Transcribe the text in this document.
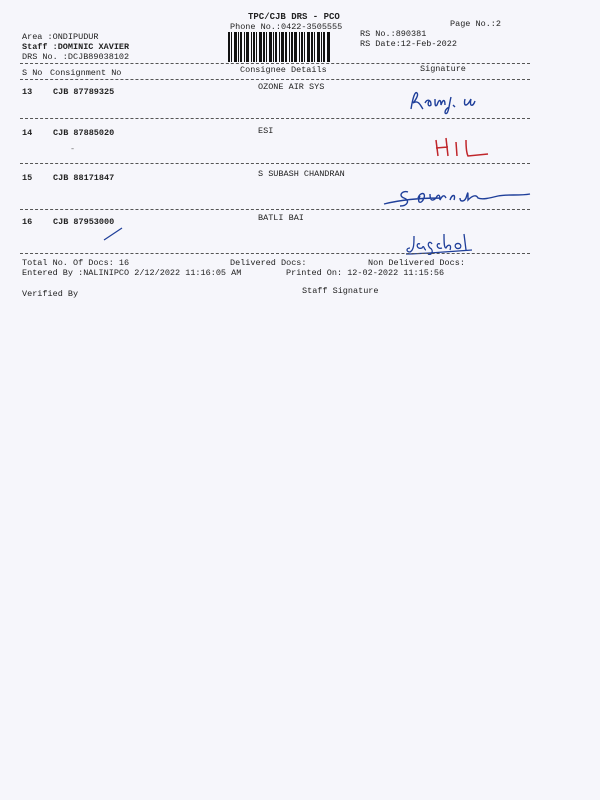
TPC/CJB DRS - PCO
Phone No.:0422-3505555	Page No.:2
RS No.:890381
RS Date:12-Feb-2022
Area :ONDIPUDUR
Staff :DOMINIC XAVIER
DRS No. :DCJB89038102
S No Consignment No	Consignee Details	Signature
13 CJB 87789325	OZONE AIR SYS
14 CJB 87885020	ESI
-
15 CJB 88171847	S SUBASH CHANDRAN
16 CJB 87953000	BATLI BAI
Total No. Of Docs: 16	Delivered Docs:	Non Delivered Docs:
Entered By :NALINIPCO 2/12/2022 11:16:05 AM	Printed On: 12-02-2022 11:15:56
Verified By	Staff Signature
